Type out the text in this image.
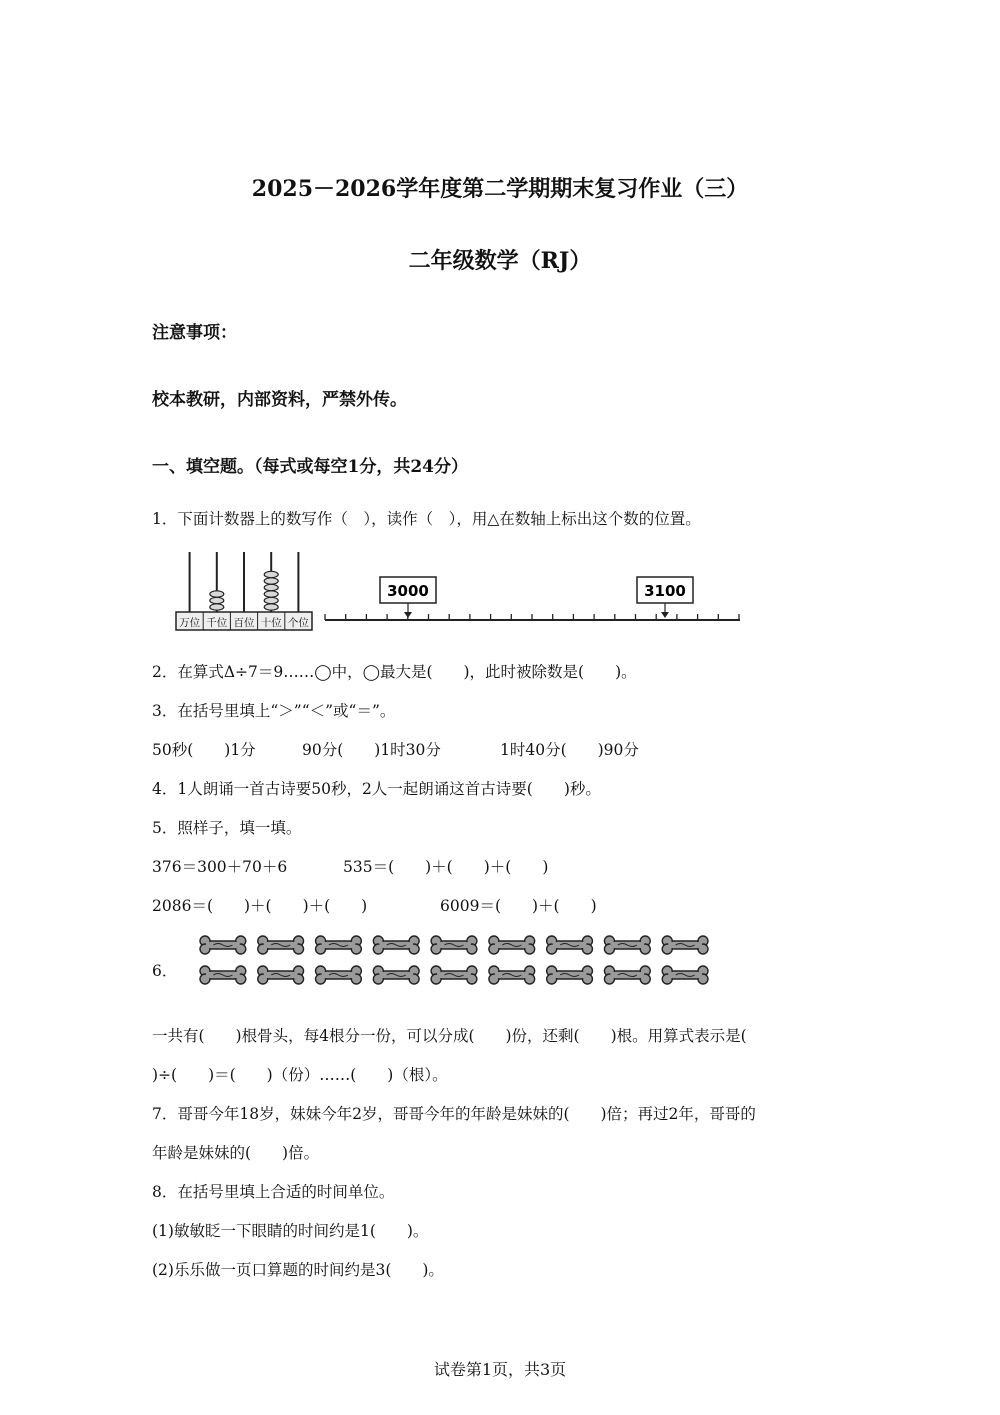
2025－2026学年度第二学期期末复习作业（三）
二年级数学（RJ）
注意事项：
校本教研，内部资料，严禁外传。
一、填空题。（每式或每空1分，共24分）
1．下面计数器上的数写作（　），读作（　），用△在数轴上标出这个数的位置。
万位 千位 百位 十位 个位
3000	3100
2．在算式Δ÷7＝9……◯中，◯最大是(　　)，此时被除数是(　　)。
3．在括号里填上“＞”“＜”或“＝”。
50秒(　　)1分	90分(　　)1时30分	1时40分(　　)90分
4．1人朗诵一首古诗要50秒，2人一起朗诵这首古诗要(　　)秒。
5．照样子，填一填。
376＝300＋70＋6	535＝(　　)＋(　　)＋(　　)
2086＝(　　)＋(　　)＋(　　)	6009＝(　　)＋(　　)
6．
一共有(　　)根骨头，每4根分一份，可以分成(　　)份，还剩(　　)根。用算式表示是(
)÷(　　)＝(　　)（份）……(　　)（根）。
7．哥哥今年18岁，妹妹今年2岁，哥哥今年的年龄是妹妹的(　　)倍；再过2年，哥哥的
年龄是妹妹的(　　)倍。
8．在括号里填上合适的时间单位。
(1)敏敏眨一下眼睛的时间约是1(　　)。
(2)乐乐做一页口算题的时间约是3(　　)。
试卷第1页，共3页
